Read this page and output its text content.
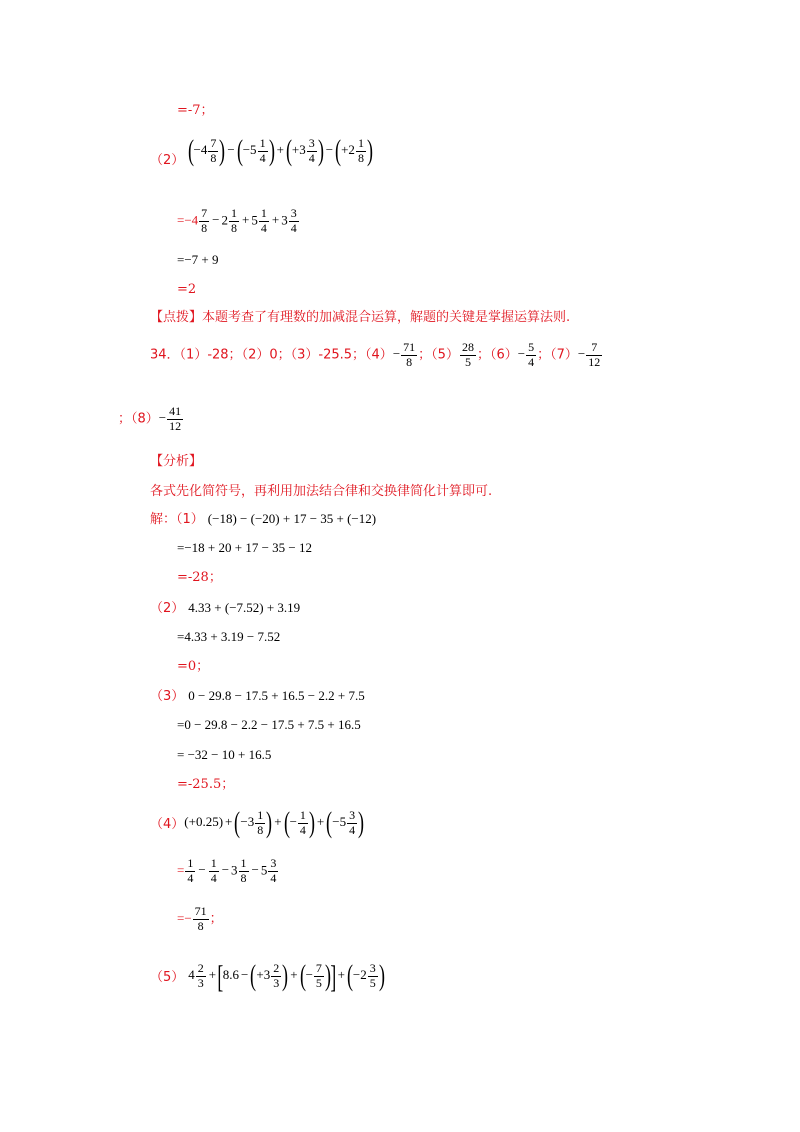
=-7；
（2） ($-4 \frac{7}{8}$ ) $-(-5 \frac{1}{4}$ ) $+(+3 \frac{3}{4}$ ) $-(+2 \frac{1}{8}$ )
$=-4 \frac{7}{8} - 2 \frac{1}{8} + 5 \frac{1}{4} + 3 \frac{3}{4}$
=−7 + 9
=2
【点拨】本题考查了有理数的加减混合运算，解题的关键是掌握运算法则.
34．（1）-28；（2）0；（3）-25.5；$(4)- \frac{71}{8}$ ；$(5) \frac{28}{5}$ ；$(6)- \frac{5}{4}$ ；$(7)- \frac{7}{12}$
；$(8)- \frac{41}{12}$
【分析】
各式先化简符号，再利用加法结合律和交换律简化计算即可.
解：（1） (−18) − (−20) + 17 − 35 + (−12)
=−18 + 20 + 17 − 35 − 12
=-28；
（2） 4.33 + (−7.52) + 3.19
=4.33 + 3.19 − 7.52
=0；
（3） 0 − 29.8 − 17.5 + 16.5 − 2.2 + 7.5
=0 − 29.8 − 2.2 − 17.5 + 7.5 + 16.5
= −32 − 10 + 16.5
=-25.5；
$(4)(+0.25) +(-3 \frac{1}{8}$ ) +(− $\frac{1}{4}$ ) $+(-5 \frac{3}{4}$ )
= $\frac{1}{4} - \frac{1}{4} - 3 \frac{1}{8} - 5 \frac{3}{4}$
=− $\frac{71}{8}$ ；
（5） $4 \frac{2}{3} +[8.6 -(+3 \frac{2}{3}$ ) +(− $\frac{7}{5} )]+(-2 \frac{3}{5}$ )
